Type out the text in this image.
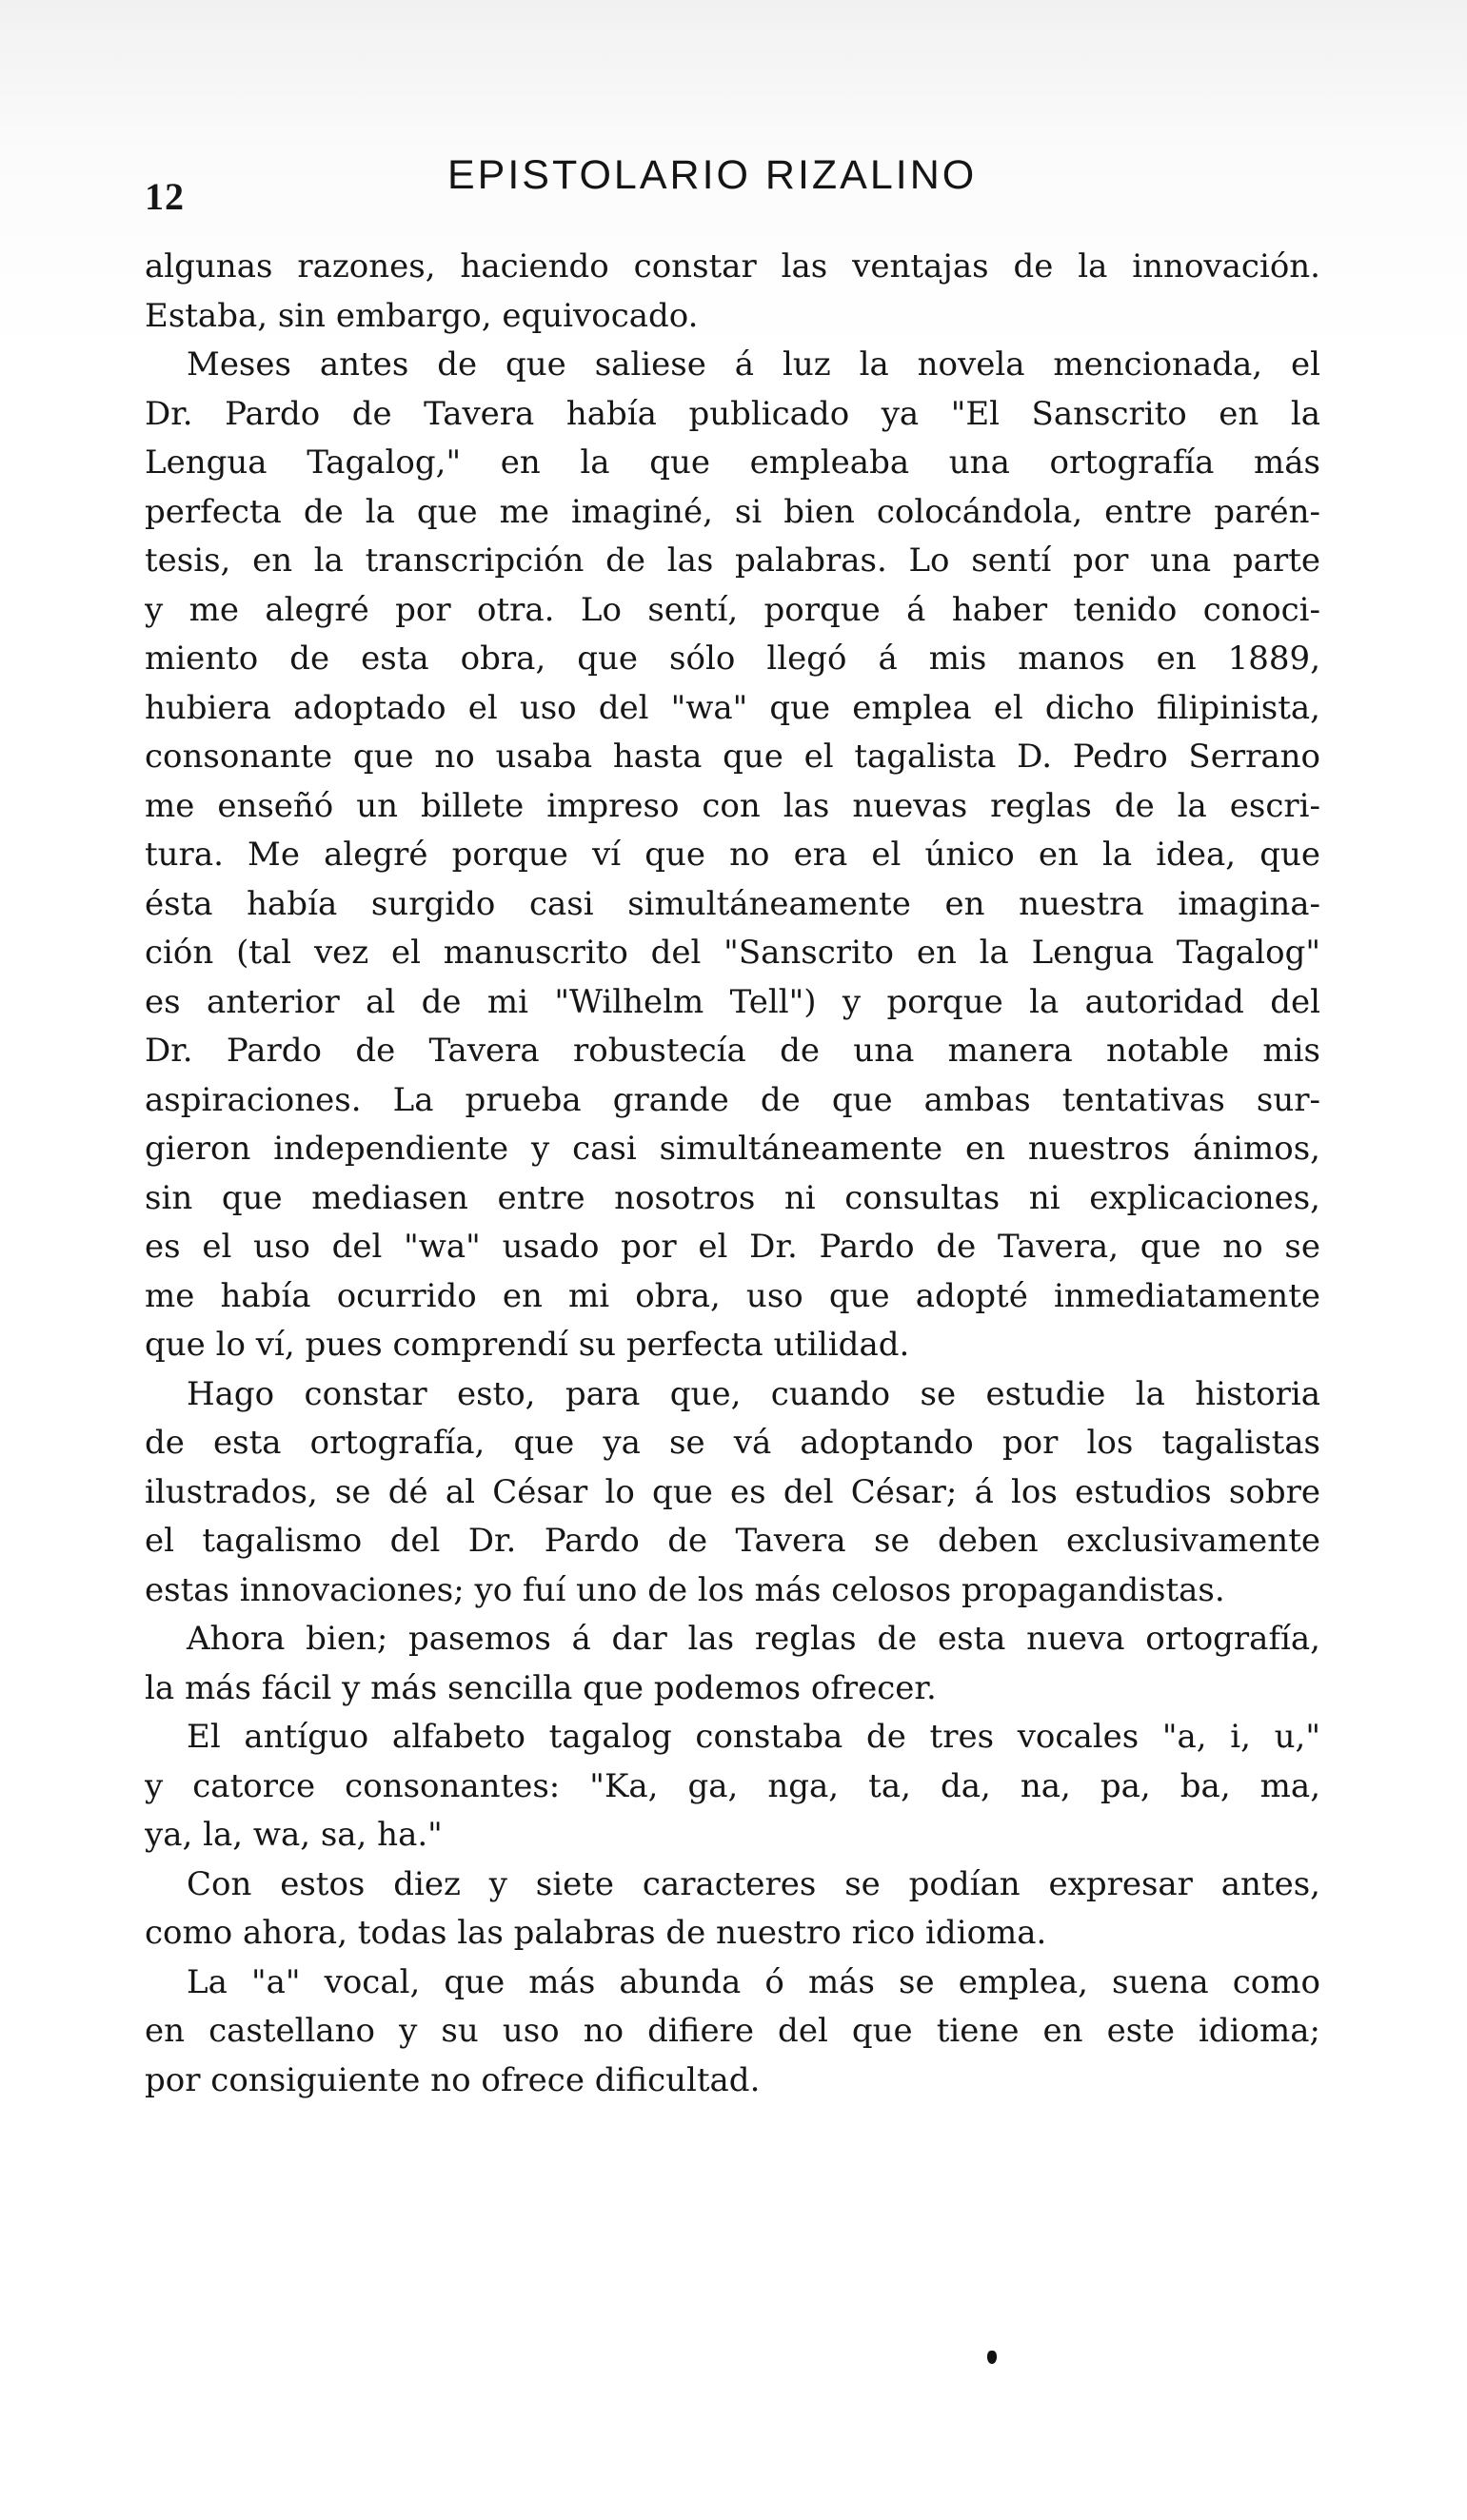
12	EPISTOLARIO RIZALINO
algunas razones, haciendo constar las ventajas de la innovación.
Estaba, sin embargo, equivocado.
Meses antes de que saliese á luz la novela mencionada, el
Dr. Pardo de Tavera había publicado ya "El Sanscrito en la
Lengua Tagalog," en la que empleaba una ortografía más
perfecta de la que me imaginé, si bien colocándola, entre parén-
tesis, en la transcripción de las palabras. Lo sentí por una parte
y me alegré por otra. Lo sentí, porque á haber tenido conoci-
miento de esta obra, que sólo llegó á mis manos en 1889,
hubiera adoptado el uso del "wa" que emplea el dicho filipinista,
consonante que no usaba hasta que el tagalista D. Pedro Serrano
me enseñó un billete impreso con las nuevas reglas de la escri-
tura. Me alegré porque ví que no era el único en la idea, que
ésta había surgido casi simultáneamente en nuestra imagina-
ción (tal vez el manuscrito del "Sanscrito en la Lengua Tagalog"
es anterior al de mi "Wilhelm Tell") y porque la autoridad del
Dr. Pardo de Tavera robustecía de una manera notable mis
aspiraciones. La prueba grande de que ambas tentativas sur-
gieron independiente y casi simultáneamente en nuestros ánimos,
sin que mediasen entre nosotros ni consultas ni explicaciones,
es el uso del "wa" usado por el Dr. Pardo de Tavera, que no se
me había ocurrido en mi obra, uso que adopté inmediatamente
que lo ví, pues comprendí su perfecta utilidad.
Hago constar esto, para que, cuando se estudie la historia
de esta ortografía, que ya se vá adoptando por los tagalistas
ilustrados, se dé al César lo que es del César; á los estudios sobre
el tagalismo del Dr. Pardo de Tavera se deben exclusivamente
estas innovaciones; yo fuí uno de los más celosos propagandistas.
Ahora bien; pasemos á dar las reglas de esta nueva ortografía,
la más fácil y más sencilla que podemos ofrecer.
El antíguo alfabeto tagalog constaba de tres vocales "a, i, u,"
y catorce consonantes: "Ka, ga, nga, ta, da, na, pa, ba, ma,
ya, la, wa, sa, ha."
Con estos diez y siete caracteres se podían expresar antes,
como ahora, todas las palabras de nuestro rico idioma.
La "a" vocal, que más abunda ó más se emplea, suena como
en castellano y su uso no difiere del que tiene en este idioma;
por consiguiente no ofrece dificultad.
